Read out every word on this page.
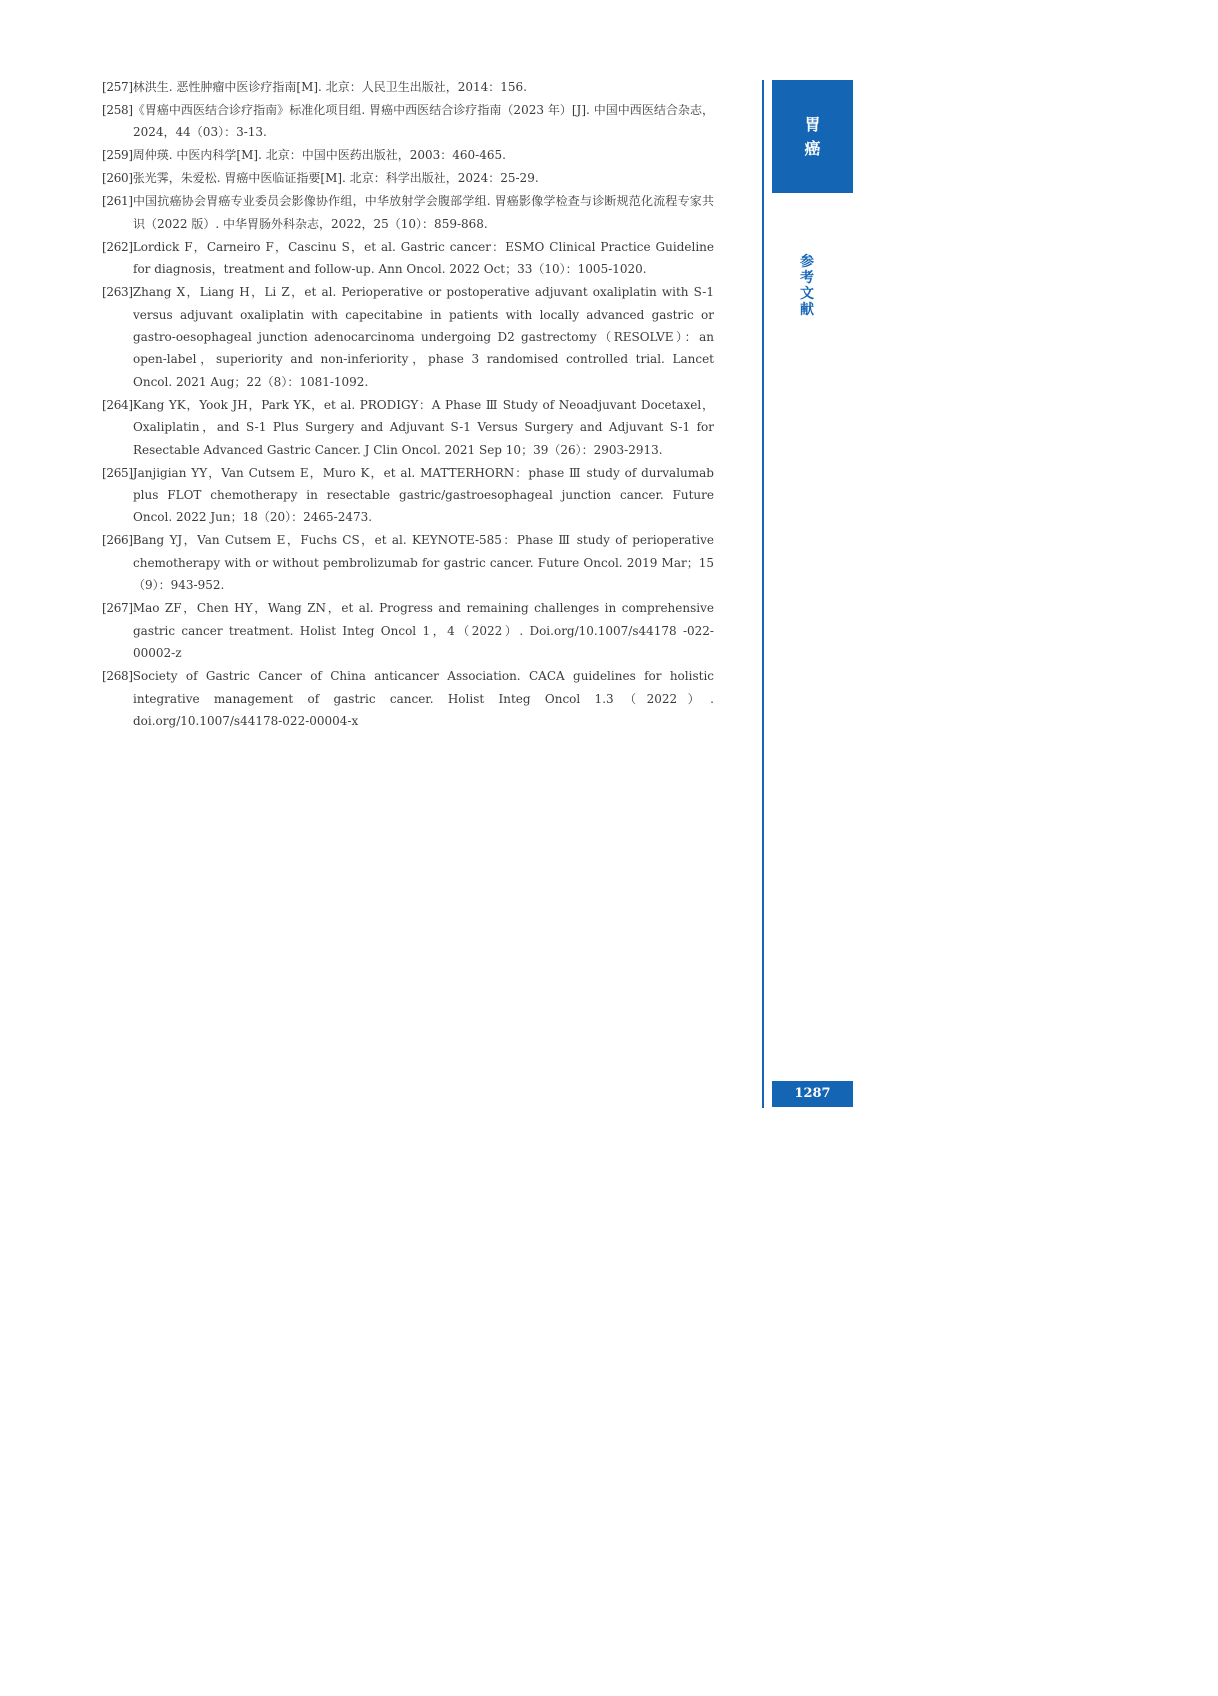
[257]林洪生. 恶性肿瘤中医诊疗指南[M]. 北京：人民卫生出版社，2014：156.

[258]《胃癌中西医结合诊疗指南》标准化项目组. 胃癌中西医结合诊疗指南（2023 年）[J]. 中国中西医结合杂志，2024，44（03）：3-13.

[259]周仲瑛. 中医内科学[M]. 北京：中国中医药出版社，2003：460-465.

[260]张光霁，朱爱松. 胃癌中医临证指要[M]. 北京：科学出版社，2024：25-29.

[261]中国抗癌协会胃癌专业委员会影像协作组，中华放射学会腹部学组. 胃癌影像学检查与诊断规范化流程专家共识（2022 版）. 中华胃肠外科杂志，2022，25（10）：859-868.

[262]Lordick F，Carneiro F，Cascinu S，et al. Gastric cancer：ESMO Clinical Practice Guideline for diagnosis，treatment and follow-up. Ann Oncol. 2022 Oct；33（10）：1005-1020.

[263]Zhang X，Liang H，Li Z，et al. Perioperative or postoperative adjuvant oxaliplatin with S-1 versus adjuvant oxaliplatin with capecitabine in patients with locally advanced gastric or gastro-oesophageal junction adenocarcinoma undergoing D2 gastrectomy（RESOLVE）：an open-label，superiority and non-inferiority，phase 3 randomised controlled trial. Lancet Oncol. 2021 Aug；22（8）：1081-1092.

[264]Kang YK，Yook JH，Park YK，et al. PRODIGY：A Phase Ⅲ Study of Neoadjuvant Docetaxel，Oxaliplatin，and S-1 Plus Surgery and Adjuvant S-1 Versus Surgery and Adjuvant S-1 for Resectable Advanced Gastric Cancer. J Clin Oncol. 2021 Sep 10；39（26）：2903-2913.

[265]Janjigian YY，Van Cutsem E，Muro K，et al. MATTERHORN：phase Ⅲ study of durvalumab plus FLOT chemotherapy in resectable gastric/gastroesophageal junction cancer. Future Oncol. 2022 Jun；18（20）：2465-2473.

[266]Bang YJ，Van Cutsem E，Fuchs CS，et al. KEYNOTE-585：Phase Ⅲ study of perioperative chemotherapy with or without pembrolizumab for gastric cancer. Future Oncol. 2019 Mar；15（9）：943-952.

[267]Mao ZF，Chen HY，Wang ZN，et al. Progress and remaining challenges in comprehensive gastric cancer treatment. Holist Integ Oncol 1，4（2022）. Doi.org/10.1007/s44178 -022- 00002-z

[268]Society of Gastric Cancer of China anticancer Association. CACA guidelines for holistic integrative management of gastric cancer. Holist Integ Oncol 1.3（2022）. doi.org/10.1007/s44178-022-00004-x

胃癌
参考文献
1287
